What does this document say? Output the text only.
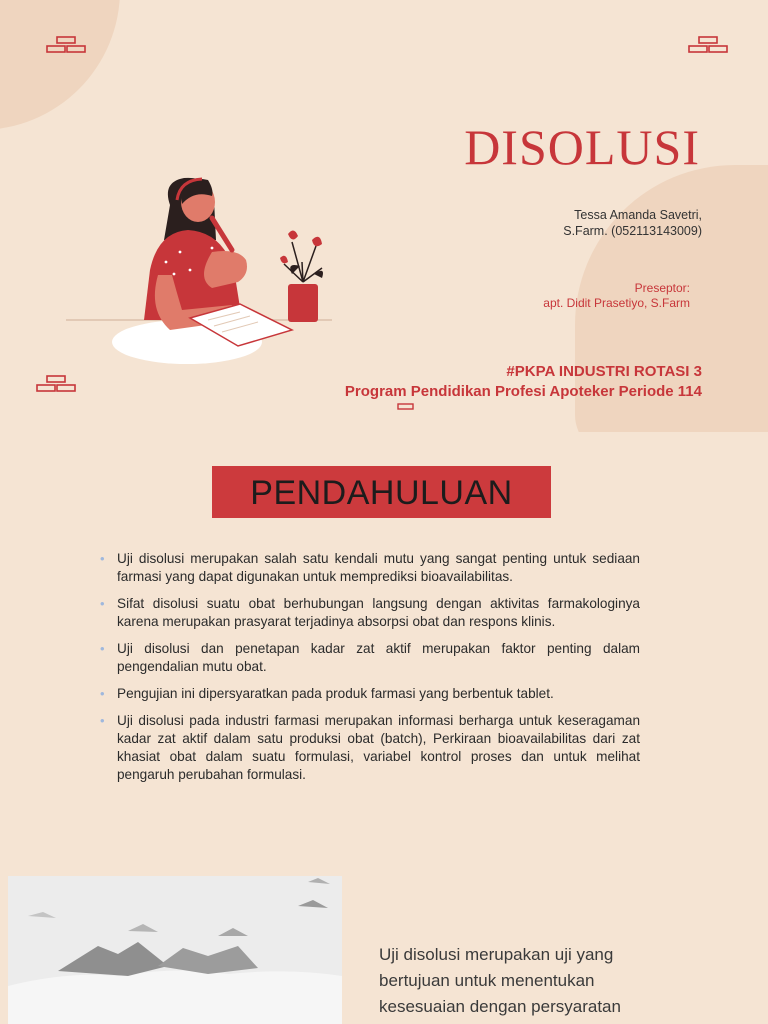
DISOLUSI
Tessa Amanda Savetri,
S.Farm. (052113143009)
Preseptor:
apt. Didit Prasetiyo, S.Farm
#PKPA INDUSTRI ROTASI 3
Program Pendidikan Profesi Apoteker Periode 114
PENDAHULUAN
• Uji disolusi merupakan salah satu kendali mutu yang sangat penting untuk sediaan farmasi yang dapat digunakan untuk memprediksi bioavailabilitas.
• Sifat disolusi suatu obat berhubungan langsung dengan aktivitas farmakologinya karena merupakan prasyarat terjadinya absorpsi obat dan respons klinis.
• Uji disolusi dan penetapan kadar zat aktif merupakan faktor penting dalam pengendalian mutu obat.
• Pengujian ini dipersyaratkan pada produk farmasi yang berbentuk tablet.
• Uji disolusi pada industri farmasi merupakan informasi berharga untuk keseragaman kadar zat aktif dalam satu produksi obat (batch), Perkiraan bioavailabilitas dari zat khasiat obat dalam suatu formulasi, variabel kontrol proses dan untuk melihat pengaruh perubahan formulasi.
Uji disolusi merupakan uji yang
bertujuan untuk menentukan
kesesuaian dengan persyaratan
